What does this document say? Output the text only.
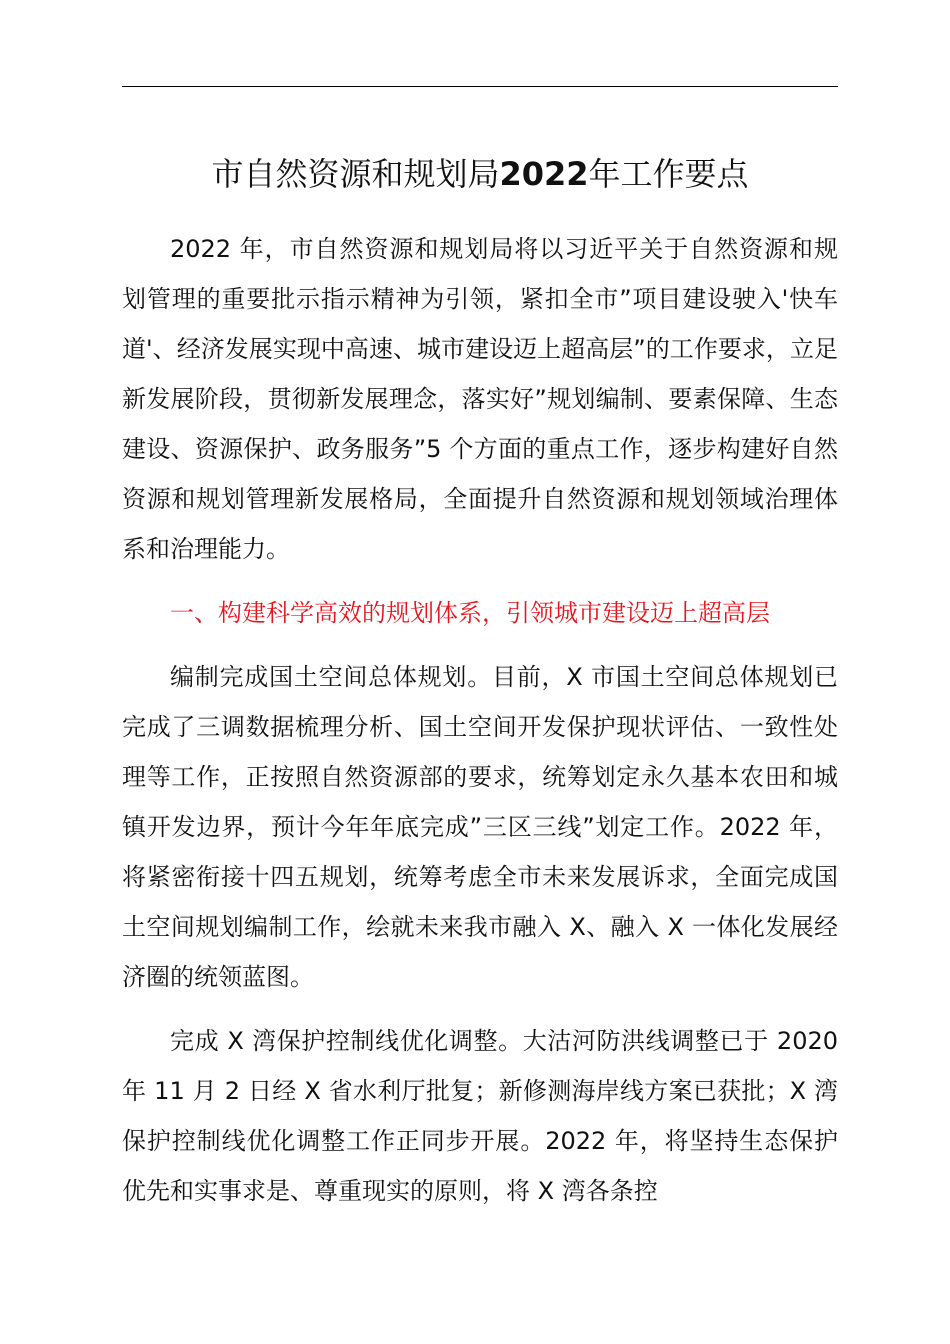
市自然资源和规划局2022年工作要点

2022 年，市自然资源和规划局将以习近平关于自然资源和规划管理的重要批示指示精神为引领，紧扣全市”项目建设驶入'快车道'、经济发展实现中高速、城市建设迈上超高层”的工作要求，立足新发展阶段，贯彻新发展理念，落实好”规划编制、要素保障、生态建设、资源保护、政务服务”5 个方面的重点工作，逐步构建好自然资源和规划管理新发展格局，全面提升自然资源和规划领域治理体系和治理能力。

一、构建科学高效的规划体系，引领城市建设迈上超高层

编制完成国土空间总体规划。目前，X 市国土空间总体规划已完成了三调数据梳理分析、国土空间开发保护现状评估、一致性处理等工作，正按照自然资源部的要求，统筹划定永久基本农田和城镇开发边界，预计今年年底完成”三区三线”划定工作。2022 年，将紧密衔接十四五规划，统筹考虑全市未来发展诉求，全面完成国土空间规划编制工作，绘就未来我市融入 X、融入 X 一体化发展经济圈的统领蓝图。

完成 X 湾保护控制线优化调整。大沽河防洪线调整已于 2020 年 11 月 2 日经 X 省水利厅批复；新修测海岸线方案已获批；X 湾保护控制线优化调整工作正同步开展。2022 年，将坚持生态保护优先和实事求是、尊重现实的原则，将 X 湾各条控
